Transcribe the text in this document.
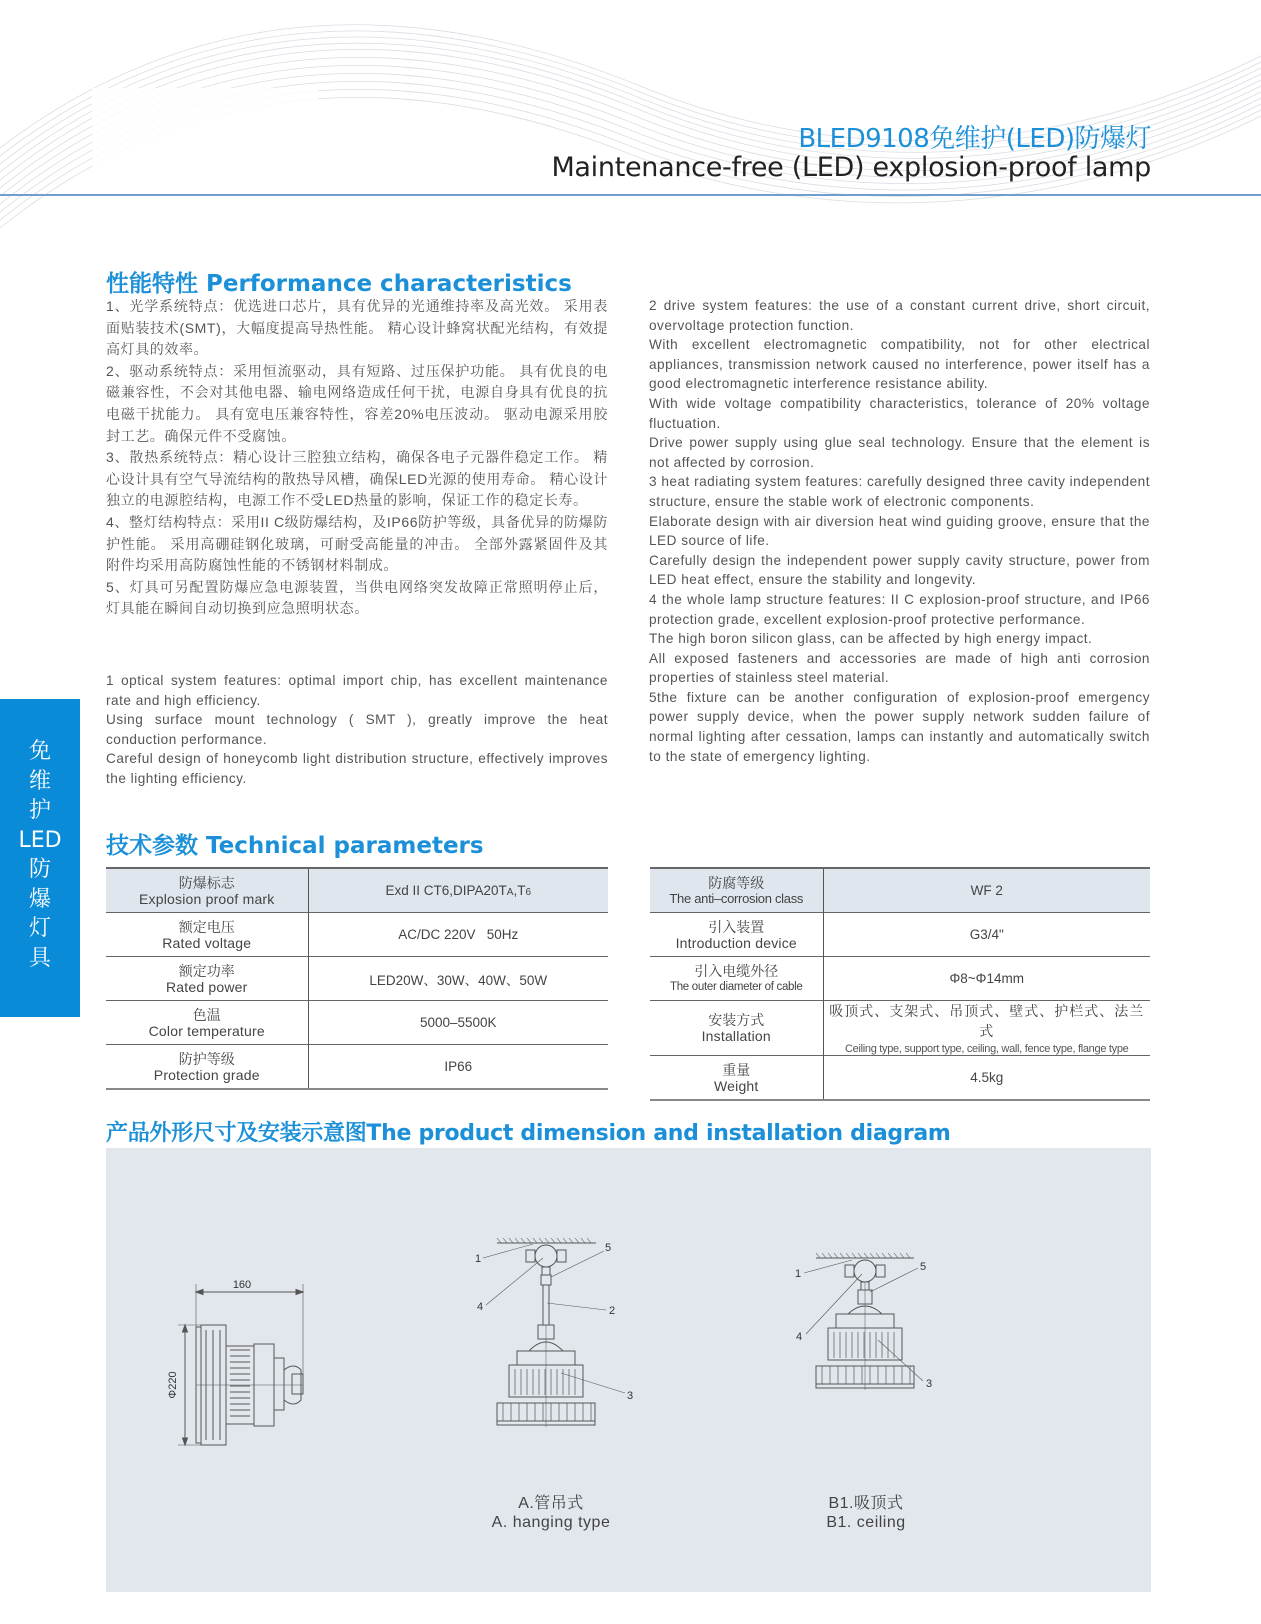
BLED9108免维护(LED)防爆灯
Maintenance-free (LED) explosion-proof lamp
免
维
护
LED
防
爆
灯
具
性能特性 Performance characteristics

1、光学系统特点：优选进口芯片，具有优异的光通维持率及高光效。 采用表面贴装技术(SMT)，大幅度提高导热性能。 精心设计蜂窝状配光结构，有效提高灯具的效率。

2、驱动系统特点：采用恒流驱动，具有短路、过压保护功能。 具有优良的电磁兼容性，不会对其他电器、输电网络造成任何干扰，电源自身具有优良的抗电磁干扰能力。 具有宽电压兼容特性，容差20%电压波动。 驱动电源采用胶封工艺。确保元件不受腐蚀。

3、散热系统特点：精心设计三腔独立结构，确保各电子元器件稳定工作。 精心设计具有空气导流结构的散热导风槽，确保LED光源的使用寿命。 精心设计独立的电源腔结构，电源工作不受LED热量的影响，保证工作的稳定长寿。

4、整灯结构特点：采用II C级防爆结构，及IP66防护等级，具备优异的防爆防护性能。 采用高硼硅钢化玻璃，可耐受高能量的冲击。 全部外露紧固件及其附件均采用高防腐蚀性能的不锈钢材料制成。

5、灯具可另配置防爆应急电源装置，当供电网络突发故障正常照明停止后，灯具能在瞬间自动切换到应急照明状态。

1 optical system features: optimal import chip, has excellent maintenance rate and high efficiency.

Using surface mount technology ( SMT ), greatly improve the heat conduction performance.

Careful design of honeycomb light distribution structure, effectively improves the lighting efficiency.

2 drive system features: the use of a constant current drive, short circuit, overvoltage protection function.

With excellent electromagnetic compatibility, not for other electrical appliances, transmission network caused no interference, power itself has a good electromagnetic interference resistance ability.

With wide voltage compatibility characteristics, tolerance of 20% voltage fluctuation.

Drive power supply using glue seal technology. Ensure that the element is not affected by corrosion.

3 heat radiating system features: carefully designed three cavity independent structure, ensure the stable work of electronic components.

Elaborate design with air diversion heat wind guiding groove, ensure that the LED source of life.

Carefully design the independent power supply cavity structure, power from LED heat effect, ensure the stability and longevity.

4 the whole lamp structure features: II C explosion-proof structure, and IP66 protection grade, excellent explosion-proof protective performance.

The high boron silicon glass, can be affected by high energy impact.

All exposed fasteners and accessories are made of high anti corrosion properties of stainless steel material.

5the fixture can be another configuration of explosion-proof emergency power supply device, when the power supply network sudden failure of normal lighting after cessation, lamps can instantly and automatically switch to the state of emergency lighting.

技术参数 Technical parameters
防爆标志
Explosion proof mark	Exd II CT6,DIPA20TA,T6

额定电压
Rated voltage	AC/DC 220V   50Hz

额定功率
Rated power	LED20W、30W、40W、50W

色温
Color temperature	5000–5500K

防护等级
Protection grade	IP66
防腐等级
The anti–corrosion class	WF 2

引入装置
Introduction device	G3/4"

引入电缆外径
The outer diameter of cable	Φ8~Φ14mm

安装方式
Installation	吸顶式、支架式、吊顶式、壁式、护栏式、法兰式
Ceiling type, support type, ceiling, wall, fence type, flange type

重量
Weight	4.5kg
产品外形尺寸及安装示意图The product dimension and installation diagram
160
Φ220
1
2
3
4
5
A.管吊式
A. hanging type
1
3
4
5
B1.吸顶式
B1. ceiling
